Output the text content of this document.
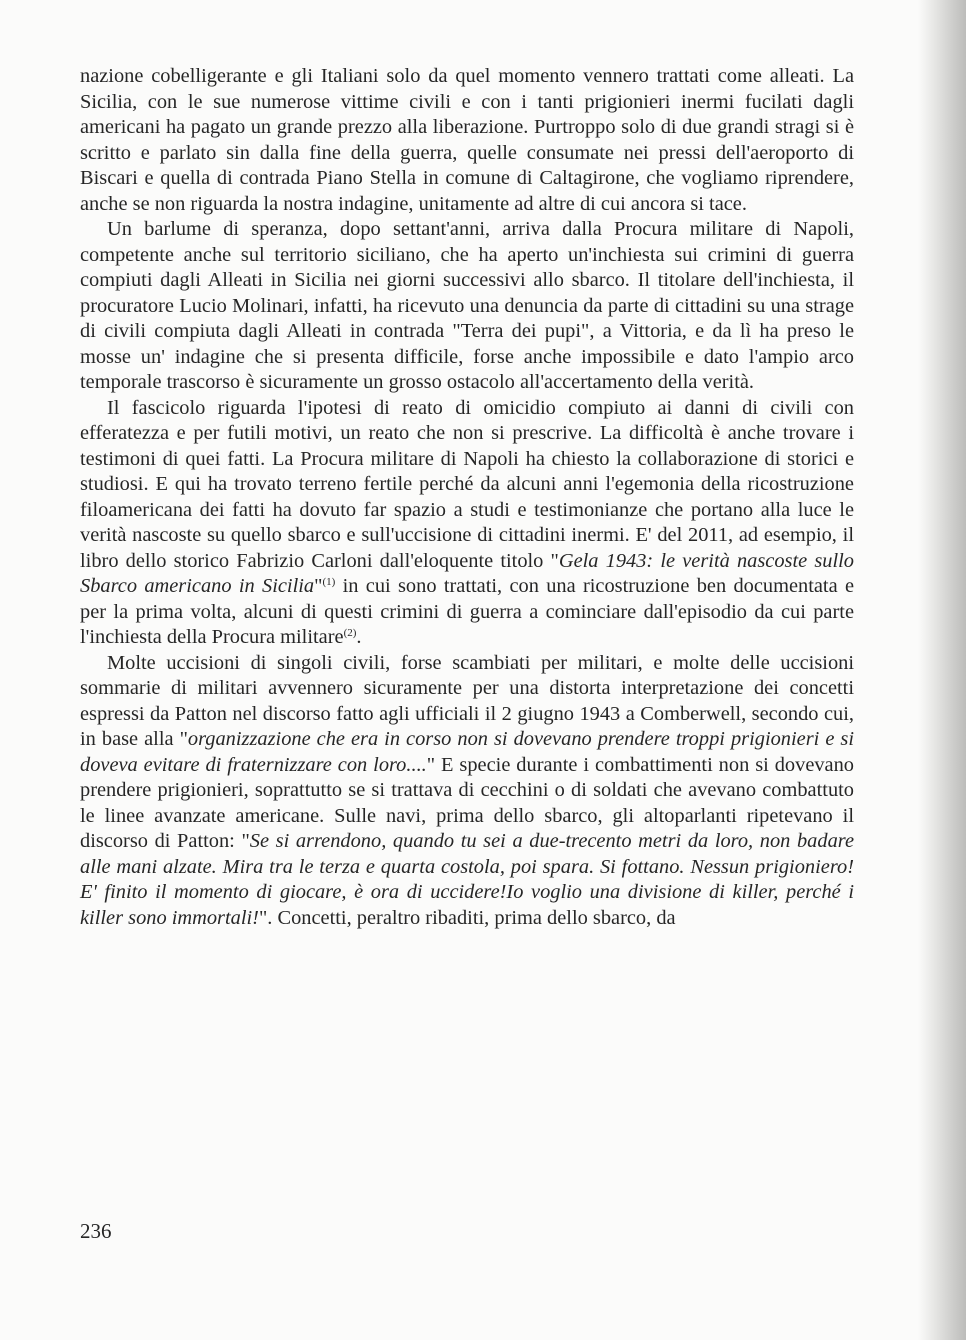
nazione cobelligerante e gli Italiani solo da quel momento vennero trattati come alleati. La Sicilia, con le sue numerose vittime civili e con i tanti prigionieri inermi fucilati dagli americani ha pagato un grande prezzo alla liberazione. Purtroppo solo di due grandi stragi si è scritto e parlato sin dalla fine della guerra, quelle consumate nei pressi dell'aeroporto di Biscari e quella di contrada Piano Stella in comune di Caltagirone, che vogliamo riprendere, anche se non riguarda la nostra indagine, unitamente ad altre di cui ancora si tace.

Un barlume di speranza, dopo settant'anni, arriva dalla Procura militare di Napoli, competente anche sul territorio siciliano, che ha aperto un'inchiesta sui crimini di guerra compiuti dagli Alleati in Sicilia nei giorni successivi allo sbarco. Il titolare dell'inchiesta, il procuratore Lucio Molinari, infatti, ha ricevuto una denuncia da parte di cittadini su una strage di civili compiuta dagli Alleati in contrada "Terra dei pupi", a Vittoria, e da lì ha preso le mosse un' indagine che si presenta difficile, forse anche impossibile e dato l'ampio arco temporale trascorso è sicuramente un grosso ostacolo all'accertamento della verità.

Il fascicolo riguarda l'ipotesi di reato di omicidio compiuto ai danni di civili con efferatezza e per futili motivi, un reato che non si prescrive. La difficoltà è anche trovare i testimoni di quei fatti. La Procura militare di Napoli ha chiesto la collaborazione di storici e studiosi. E qui ha trovato terreno fertile perché da alcuni anni l'egemonia della ricostruzione filoamericana dei fatti ha dovuto far spazio a studi e testimonianze che portano alla luce le verità nascoste su quello sbarco e sull'uccisione di cittadini inermi. E' del 2011, ad esempio, il libro dello storico Fabrizio Carloni dall'eloquente titolo "Gela 1943: le verità nascoste sullo Sbarco americano in Sicilia"$^{(1)}$ in cui sono trattati, con una ricostruzione ben documentata e per la prima volta, alcuni di questi crimini di guerra a cominciare dall'episodio da cui parte l'inchiesta della Procura militare$^{(2)}$.

Molte uccisioni di singoli civili, forse scambiati per militari, e molte delle uccisioni sommarie di militari avvennero sicuramente per una distorta interpretazione dei concetti espressi da Patton nel discorso fatto agli ufficiali il 2 giugno 1943 a Comberwell, secondo cui, in base alla "organizzazione che era in corso non si dovevano prendere troppi prigionieri e si doveva evitare di fraternizzare con loro...." E specie durante i combattimenti non si dovevano prendere prigionieri, soprattutto se si trattava di cecchini o di soldati che avevano combattuto le linee avanzate americane. Sulle navi, prima dello sbarco, gli altoparlanti ripetevano il discorso di Patton: "Se si arrendono, quando tu sei a due-trecento metri da loro, non badare alle mani alzate. Mira tra le terza e quarta costola, poi spara. Si fottano. Nessun prigioniero! E' finito il momento di giocare, è ora di uccidere!Io voglio una divisione di killer, perché i killer sono immortali!". Concetti, peraltro ribaditi, prima dello sbarco, da

236
